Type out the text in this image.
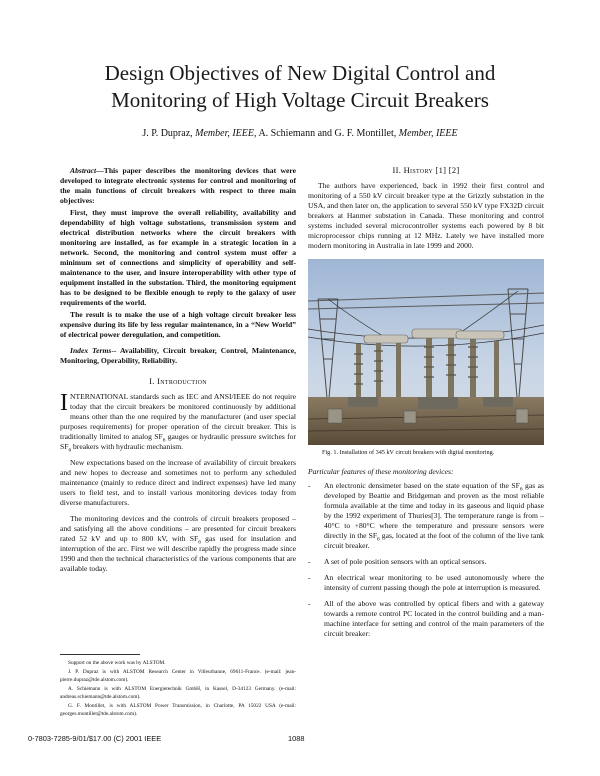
Design Objectives of New Digital Control and
Monitoring of High Voltage Circuit Breakers
J. P. Dupraz, Member, IEEE, A. Schiemann and G. F. Montillet, Member, IEEE

Abstract—This paper describes the monitoring devices that were developed to integrate electronic systems for control and monitoring of the main functions of circuit breakers with respect to three main objectives:

First, they must improve the overall reliability, availability and dependability of high voltage substations, transmission system and electrical distribution networks where the circuit breakers with monitoring are installed, as for example in a strategic location in a network. Second, the monitoring and control system must offer a minimum set of connections and simplicity of operability and self-maintenance to the user, and insure interoperability with other type of equipment installed in the substation. Third, the monitoring equipment has to be designed to be flexible enough to reply to the galaxy of user requirements of the world.

The result is to make the use of a high voltage circuit breaker less expensive during its life by less regular maintenance, in a “New World” of electrical power deregulation, and competition.

Index Terms-- Availability, Circuit breaker, Control, Maintenance, Monitoring, Operability, Reliability.

I. Introduction

INTERNATIONAL standards such as IEC and ANSI/IEEE do not require today that the circuit breakers be monitored continuously by additional means other than the one required by the manufacturer (and user special purposes requirements) for proper operation of the circuit breaker. This is traditionally limited to analog $SF_6$ gauges or hydraulic pressure switches for $SF_6$ breakers with hydraulic mechanism.

New expectations based on the increase of availability of circuit breakers and new hopes to decrease and sometimes not to perform any scheduled maintenance (mainly to reduce direct and indirect expenses) have led many users to field test, and to install various monitoring devices today from diverse manufacturers.

The monitoring devices and the controls of circuit breakers proposed – and satisfying all the above conditions – are presented for circuit breakers rated 52 kV and up to 800 kV, with $SF_6$ gas used for insulation and interruption of the arc. First we will describe rapidly the progress made since 1990 and then the technical characteristics of the various components that are available today.

Support on the above work was by ALSTOM.

J. P. Dupraz is with ALSTOM Research Center in Villeurbanne, 69611-France. (e-mail: jean-pierre.dupraz@tde.alstom.com).

A. Schiemann is with ALSTOM Energietechnik GmbH, in Kassel, D-34123 Germany. (e-mail: andreas.schiemann@tde.alstom.com).

G. F. Montillet, is with ALSTOM Power Transmission, in Charlotte, PA 15022 USA (e-mail: georges.montillet@tde.alstom.com).

II. History [1] [2]

The authors have experienced, back in 1992 their first control and monitoring of a 550 kV circuit breaker type at the Grizzly substation in the USA, and then later on, the application to several 550 kV type FX32D circuit breakers at Hanmer substation in Canada. These monitoring and control systems included several microcontroller systems each powered by 8 bit microprocessor chips running at 12 MHz. Lately we have installed more modern monitoring in Australia in late 1999 and 2000.

Fig. 1. Installation of 345 kV circuit breakers with digital monitoring.

Particular features of these monitoring devices:

- An electronic densimeter based on the state equation of the $SF_6$ gas as developed by Beattie and Bridgeman and proven as the most reliable formula available at the time and today in its gaseous and liquid phase by the 1992 experiment of Thuries[3]. The temperature range is from –40°C to +80°C where the temperature and pressure sensors were directly in the $SF_6$ gas, located at the foot of the column of the live tank circuit breaker.
- A set of pole position sensors with an optical sensors.
- An electrical wear monitoring to be used autonomously where the intensity of current passing though the pole at interruption is measured.
- All of the above was controlled by optical fibers and with a gateway towards a remote control PC located in the control building and a man-machine interface for setting and control of the main parameters of the circuit breaker:
0-7803-7285-9/01/$17.00 (C) 2001 IEEE	1088
